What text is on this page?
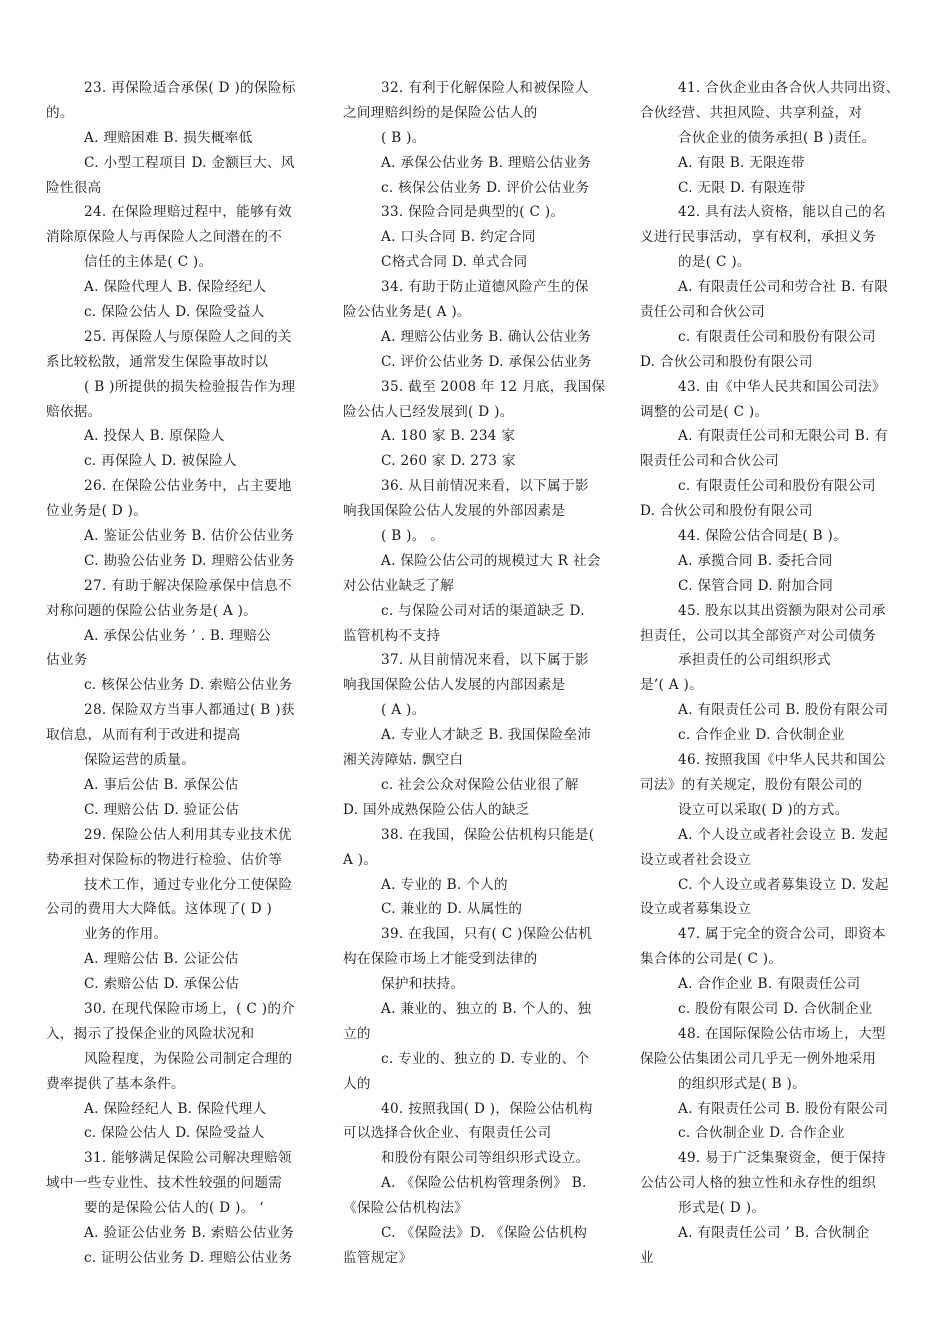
23. 再保险适合承保( D )的保险标
的。
A. 理赔困难 B. 损失概率低
C. 小型工程项目 D. 金额巨大、风
险性很高
24. 在保险理赔过程中，能够有效
消除原保险人与再保险人之间潜在的不
信任的主体是( C )。
A. 保险代理人 B. 保险经纪人
c. 保险公估人 D. 保险受益人
25. 再保险人与原保险人之间的关
系比较松散，通常发生保险事故时以
( B )所提供的损失检验报告作为理
赔依据。
A. 投保人 B. 原保险人
c. 再保险人 D. 被保险人
26. 在保险公估业务中，占主要地
位业务是( D )。
A. 鉴证公估业务 B. 估价公估业务
C. 勘验公估业务 D. 理赔公估业务
27. 有助于解决保险承保中信息不
对称问题的保险公估业务是( A )。
A. 承保公估业务 ’ . B. 理赔公
估业务
c. 核保公估业务 D. 索赔公估业务
28. 保险双方当事人都通过( B )获
取信息，从而有利于改进和提高
保险运营的质量。
A. 事后公估 B. 承保公估
C. 理赔公估 D. 验证公估
29. 保险公估人利用其专业技术优
势承担对保险标的物进行检验、估价等
技术工作，通过专业化分工使保险
公司的费用大大降低。这体现了( D )
业务的作用。
A. 理赔公估 B. 公证公估
C. 索赔公估 D. 承保公估
30. 在现代保险市场上，( C )的介
入，揭示了投保企业的风险状况和
风险程度，为保险公司制定合理的
费率提供了基本条件。
A. 保险经纪人 B. 保险代理人
c. 保险公估人 D. 保险受益人
31. 能够满足保险公司解决理赔领
域中一些专业性、技术性较强的问题需
要的是保险公估人的( D )。 ‘
A. 验证公估业务 B. 索赔公估业务
c. 证明公估业务 D. 理赔公估业务
32. 有利于化解保险人和被保险人
之间理赔纠纷的是保险公估人的
( B )。
A. 承保公估业务 B. 理赔公估业务
c. 核保公估业务 D. 评价公估业务
33. 保险合同是典型的( C )。
A. 口头合同 B. 约定合同
C格式合同 D. 单式合同
34. 有助于防止道德风险产生的保
险公估业务是( A )。
A. 理赔公估业务 B. 确认公估业务
C. 评价公估业务 D. 承保公估业务
35. 截至 2008 年 12 月底，我国保
险公估人已经发展到( D )。
A. 180 家 B. 234 家
C. 260 家 D. 273 家
36. 从目前情况来看，以下属于影
响我国保险公估人发展的外部因素是
( B )。 。
A. 保险公估公司的规模过大 R 社会
对公估业缺乏了解
c. 与保险公司对话的渠道缺乏 D.
监管机构不支持
37. 从目前情况来看，以下属于影
响我国保险公估人发展的内部因素是
( A )。
A. 专业人才缺乏 B. 我国保险垒沛
湘关涛障姑. 飘空白
c. 社会公众对保险公估业很了解
D. 国外成熟保险公估人的缺乏
38. 在我国，保险公估机构只能是(
A )。
A. 专业的 B. 个人的
C. 兼业的 D. 从属性的
39. 在我国，只有( C )保险公估机
构在保险市场上才能受到法律的
保护和扶持。
A. 兼业的、独立的 B. 个人的、独
立的
c. 专业的、独立的 D. 专业的、个
人的
40. 按照我国( D )，保险公估机构
可以选择合伙企业、有限责任公司
和股份有限公司等组织形式设立。
A. 《保险公估机构管理条例》 B.
《保险公估机构法》
C. 《保险法》D. 《保险公估机构
监管规定》
41. 合伙企业由各合伙人共同出资、
合伙经营、共担风险、共享利益，对
合伙企业的债务承担( B )责任。
A. 有限 B. 无限连带
C. 无限 D. 有限连带
42. 具有法人资格，能以自己的名
义进行民事活动，享有权利，承担义务
的是( C )。
A. 有限责任公司和劳合社 B. 有限
责任公司和合伙公司
c. 有限责任公司和股份有限公司
D. 合伙公司和股份有限公司
43. 由《中华人民共和国公司法》
调整的公司是( C )。
A. 有限责任公司和无限公司 B. 有
限责任公司和合伙公司
c. 有限责任公司和股份有限公司
D. 合伙公司和股份有限公司
44. 保险公估合同是( B )。
A. 承揽合同 B. 委托合同
C. 保管合同 D. 附加合同
45. 股东以其出资额为限对公司承
担责任，公司以其全部资产对公司债务
承担责任的公司组织形式
是’( A )。
A. 有限责任公司 B. 股份有限公司
c. 合作企业 D. 合伙制企业
46. 按照我国《中华人民共和国公
司法》的有关规定，股份有限公司的
设立可以采取( D )的方式。
A. 个人设立或者社会设立 B. 发起
设立或者社会设立
C. 个人设立或者募集设立 D. 发起
设立或者募集设立
47. 属于完全的资合公司，即资本
集合体的公司是( C )。
A. 合作企业 B. 有限责任公司
c. 股份有限公司 D. 合伙制企业
48. 在国际保险公估市场上，大型
保险公估集团公司几乎无一例外地采用
的组织形式是( B )。
A. 有限责任公司 B. 股份有限公司
c. 合伙制企业 D. 合作企业
49. 易于广泛集聚资金，便于保持
公估公司人格的独立性和永存性的组织
形式是( D )。
A. 有限责任公司 ’ B. 合伙制企
业
